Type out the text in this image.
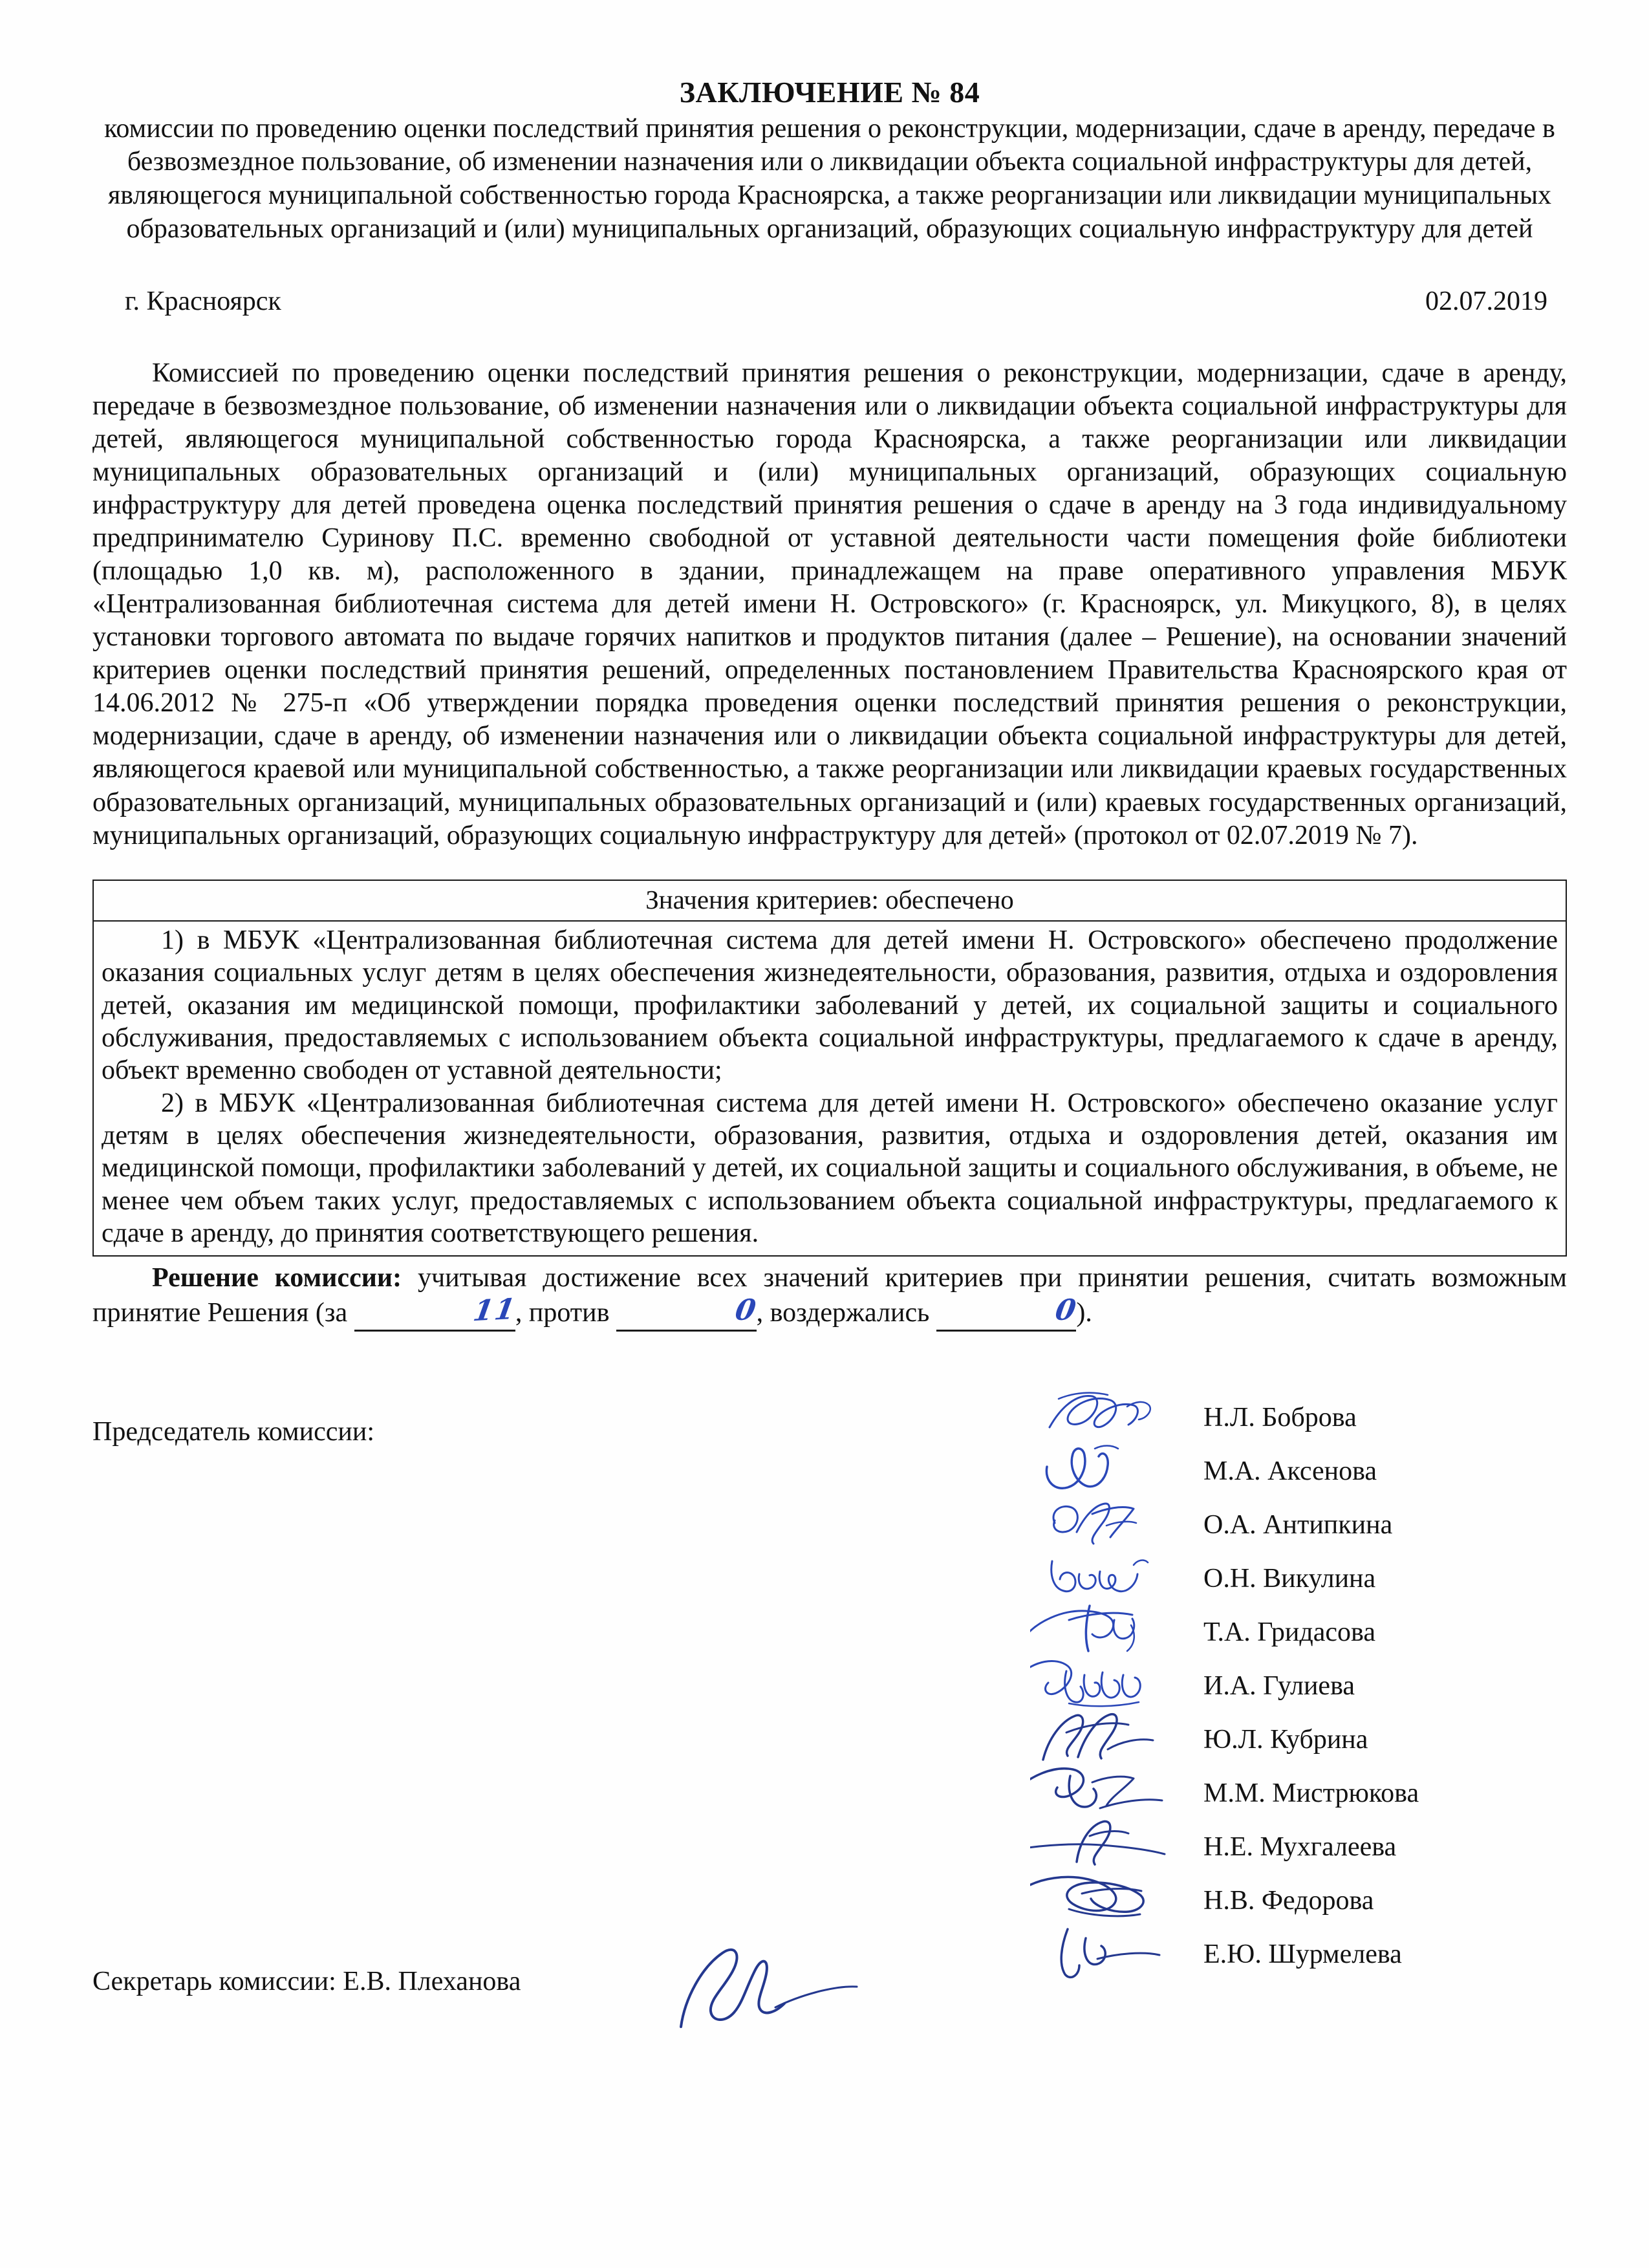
ЗАКЛЮЧЕНИЕ № 84

комиссии по проведению оценки последствий принятия решения о реконструкции, модернизации, сдаче в аренду, передаче в безвозмездное пользование, об изменении назначения или о ликвидации объекта социальной инфраструктуры для детей, являющегося муниципальной собственностью города Красноярска, а также реорганизации или ликвидации муниципальных образовательных организаций и (или) муниципальных организаций, образующих социальную инфраструктуру для детей

г. Красноярск	02.07.2019

Комиссией по проведению оценки последствий принятия решения о реконструкции, модернизации, сдаче в аренду, передаче в безвозмездное пользование, об изменении назначения или о ликвидации объекта социальной инфраструктуры для детей, являющегося муниципальной собственностью города Красноярска, а также реорганизации или ликвидации муниципальных образовательных организаций и (или) муниципальных организаций, образующих социальную инфраструктуру для детей проведена оценка последствий принятия решения о сдаче в аренду на 3 года индивидуальному предпринимателю Суринову П.С. временно свободной от уставной деятельности части помещения фойе библиотеки (площадью 1,0 кв. м), расположенного в здании, принадлежащем на праве оперативного управления МБУК «Централизованная библиотечная система для детей имени Н. Островского» (г. Красноярск, ул. Микуцкого, 8), в целях установки торгового автомата по выдаче горячих напитков и продуктов питания (далее – Решение), на основании значений критериев оценки последствий принятия решений, определенных постановлением Правительства Красноярского края от 14.06.2012 № 275-п «Об утверждении порядка проведения оценки последствий принятия решения о реконструкции, модернизации, сдаче в аренду, об изменении назначения или о ликвидации объекта социальной инфраструктуры для детей, являющегося краевой или муниципальной собственностью, а также реорганизации или ликвидации краевых государственных образовательных организаций, муниципальных образовательных организаций и (или) краевых государственных организаций, муниципальных организаций, образующих социальную инфраструктуру для детей» (протокол от 02.07.2019 № 7).

Значения критериев: обеспечено

1) в МБУК «Централизованная библиотечная система для детей имени Н. Островского» обеспечено продолжение оказания социальных услуг детям в целях обеспечения жизнедеятельности, образования, развития, отдыха и оздоровления детей, оказания им медицинской помощи, профилактики заболеваний у детей, их социальной защиты и социального обслуживания, предоставляемых с использованием объекта социальной инфраструктуры, предлагаемого к сдаче в аренду, объект временно свободен от уставной деятельности;

2) в МБУК «Централизованная библиотечная система для детей имени Н. Островского» обеспечено оказание услуг детям в целях обеспечения жизнедеятельности, образования, развития, отдыха и оздоровления детей, оказания им медицинской помощи, профилактики заболеваний у детей, их социальной защиты и социального обслуживания, в объеме, не менее чем объем таких услуг, предоставляемых с использованием объекта социальной инфраструктуры, предлагаемого к сдаче в аренду, до принятия соответствующего решения.

Решение комиссии: учитывая достижение всех значений критериев при принятии решения, считать возможным принятие Решения (за	11, против	0, воздержались	0).

Председатель комиссии:	Н.Л. Боброва
М.А. Аксенова
О.А. Антипкина
О.Н. Викулина
Т.А. Гридасова
И.А. Гулиева
Ю.Л. Кубрина
М.М. Мистрюкова
Н.Е. Мухгалеева
Н.В. Федорова
Е.Ю. Шурмелева
Секретарь комиссии: Е.В. Плеханова
